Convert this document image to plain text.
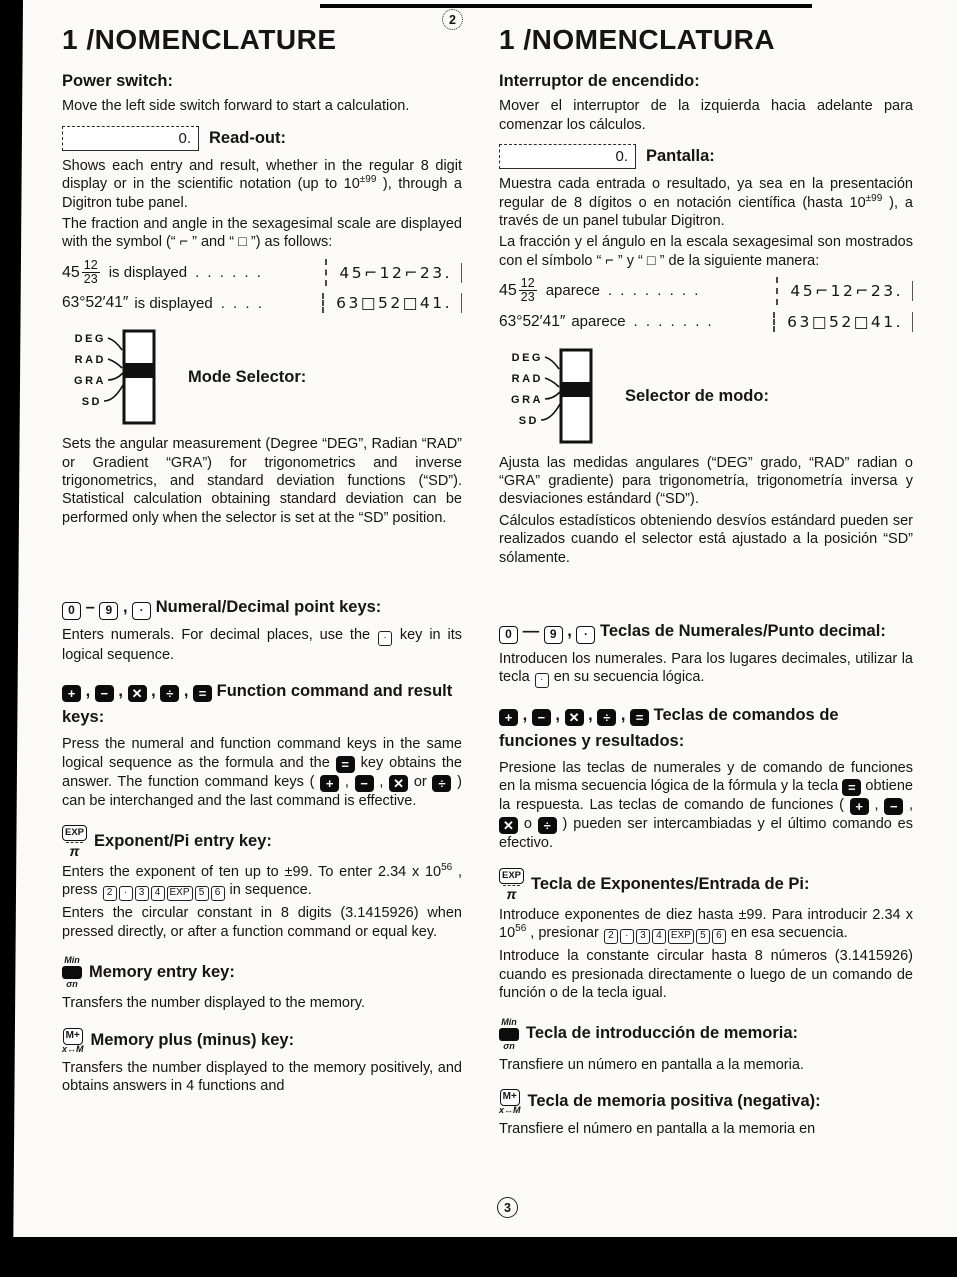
2
1 /NOMENCLATURE
Power switch:

Move the left side switch forward to start a calculation.

0. Read-out:

Shows each entry and result, whether in the regular 8 digit display or in the scientific notation (up to $10^{\pm 99}$ ), through a Digitron tube panel.

The fraction and angle in the sexagesimal scale are displayed with the symbol (“ ⌐ ” and “ □ ”) as follows:

$45 \frac{12}{23}$ is displayed . . . . . .	45⌐12⌐23.
63°52′41″ is displayed . . . .	63□52□41.
DEG
RAD
GRA
SD
Mode Selector:

Sets the angular measurement (Degree “DEG”, Radian “RAD” or Gradient “GRA”) for trigonometrics and inverse trigonometrics, and standard deviation functions (“SD”). Statistical calculation obtaining standard deviation can be performed only when the selector is set at the “SD” position.

0 – 9 , · Numeral/Decimal point keys:

Enters numerals. For decimal places, use the · key in its logical sequence.

+ , − , ✕ , ÷ , = Function command and result keys:

Press the numeral and function command keys in the same logical sequence as the formula and the = key obtains the answer. The function command keys ( + , − , ✕ or ÷ ) can be interchanged and the last command is effective.

EXP
π
Exponent/Pi entry key:

Enters the exponent of ten up to ±99. To enter 2.34 x $10^{56}$ , press 2 · 3 4 EXP 5 6 in sequence.

Enters the circular constant in 8 digits (3.1415926) when pressed directly, or after a function command or equal key.

Min
σn
Memory entry key:

Transfers the number displayed to the memory.

M+
x↔M Memory plus (minus) key:

Transfers the number displayed to the memory positively, and obtains answers in 4 functions and

1 /NOMENCLATURA
Interruptor de encendido:

Mover el interruptor de la izquierda hacia adelante para comenzar los cálculos.

0. Pantalla:

Muestra cada entrada o resultado, ya sea en la presentación regular de 8 dígitos o en notación científica (hasta $10^{\pm 99}$ ), a través de un panel tubular Digitron.

La fracción y el ángulo en la escala sexagesimal son mostrados con el símbolo “ ⌐ ” y “ □ ” de la siguiente manera:

$45 \frac{12}{23}$ aparece . . . . . . . .	45⌐12⌐23.
63°52′41″ aparece . . . . . . .	63□52□41.
DEG
RAD
GRA
SD
Selector de modo:

Ajusta las medidas angulares (“DEG” grado, “RAD” radian o “GRA” gradiente) para trigonometría, trigonometría inversa y desviaciones estándard (“SD”).

Cálculos estadísticos obteniendo desvíos estándard pueden ser realizados cuando el selector está ajustado a la posición “SD” sólamente.

0 — 9 , · Teclas de Numerales/Punto decimal:

Introducen los numerales. Para los lugares decimales, utilizar la tecla · en su secuencia lógica.

+ , − , ✕ , ÷ , = Teclas de comandos de funciones y resultados:

Presione las teclas de numerales y de comando de funciones en la misma secuencia lógica de la fórmula y la tecla = obtiene la respuesta. Las teclas de comando de funciones ( + , − , ✕ o ÷ ) pueden ser intercambiadas y el último comando es efectivo.

EXP
π
Tecla de Exponentes/Entrada de Pi:

Introduce exponentes de diez hasta ±99. Para introducir 2.34 x $10^{56}$ , presionar 2 · 3 4 EXP 5 6 en esa secuencia.

Introduce la constante circular hasta 8 números (3.1415926) cuando es presionada directamente o luego de un comando de función o de la tecla igual.

Min
σn
Tecla de introducción de memoria:

Transfiere un número en pantalla a la memoria.

M+
x↔M Tecla de memoria positiva (negativa):

Transfiere el número en pantalla a la memoria en

3
